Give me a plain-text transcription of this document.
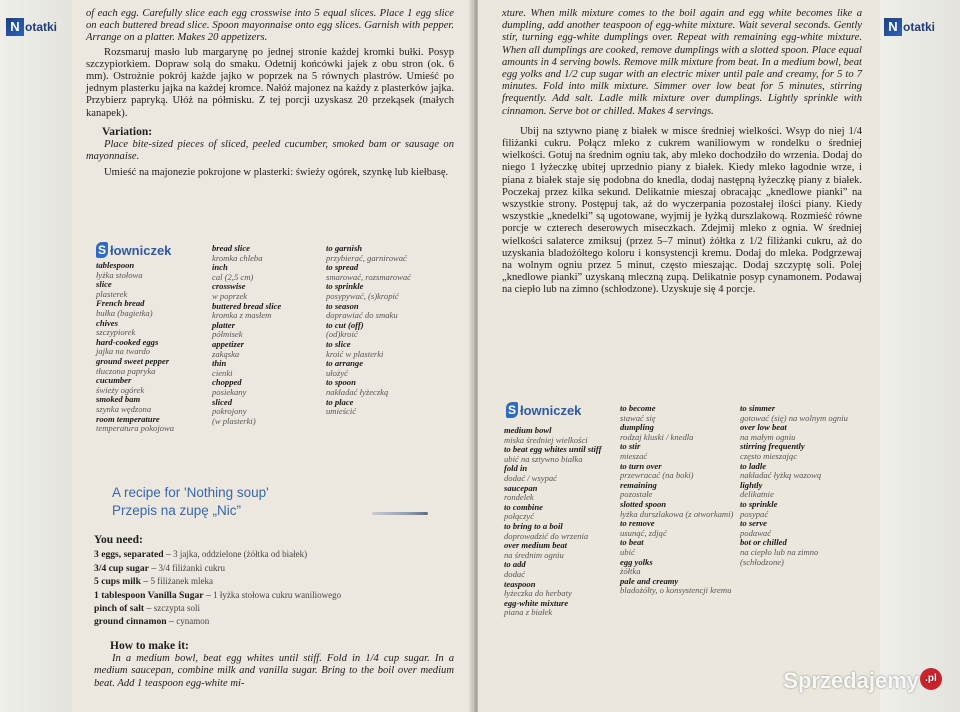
N otatki

of each egg. Carefully slice each egg crosswise into 5 equal slices. Place 1 egg slice on each buttered bread slice. Spoon mayonnaise onto egg slices. Garnish with pepper. Arrange on a platter. Makes 20 appetizers.

Rozsmaruj masło lub margarynę po jednej stronie każdej kromki bułki. Posyp szczypiorkiem. Dopraw solą do smaku. Odetnij końcówki jajek z obu stron (ok. 6 mm). Ostrożnie pokrój każde jajko w poprzek na 5 równych plastrów. Umieść po jednym plasterku jajka na każdej kromce. Nałóż majonez na każdy z plasterków jajka. Przybierz papryką. Ułóż na półmisku. Z tej porcji uzyskasz 20 przekąsek (małych kanapek).

Variation:

Place bite-sized pieces of sliced, peeled cucumber, smoked bam or sausage on mayonnaise.

Umieść na majonezie pokrojone w plasterki: świeży ogórek, szynkę lub kiełbasę.

S łowniczek
tablespoon
łyżka stołowa
slice
plasterek
French bread
bułka (bagietka)
chives
szczypiorek
hard-cooked eggs
jajka na twardo
ground sweet pepper
tłuczona papryka
cucumber
świeży ogórek
smoked bam
szynka wędzona
room temperature
temperatura pokojowa
bread slice
kromka chleba
inch
cal (2,5 cm)
crosswise
w poprzek
buttered bread slice
kromka z masłem
platter
półmisek
appetizer
zakąska
thin
cienki
chopped
posiekany
sliced
pokrojony
(w plasterki)
to garnish
przybierać, garnirować
to spread
smarować, rozsmarować
to sprinkle
posypywać, (s)kropić
to season
doprawiać do smaku
to cut (off)
(od)kroić
to slice
kroić w plasterki
to arrange
ułożyć
to spoon
nakładać łyżeczką
to place
umieścić
A recipe for 'Nothing soup'
Przepis na zupę „Nic”
You need:
3 eggs, separated – 3 jajka, oddzielone (żółtka od białek)
3/4 cup sugar – 3/4 filiżanki cukru
5 cups milk – 5 filiżanek mleka
1 tablespoon Vanilla Sugar – 1 łyżka stołowa cukru waniliowego
pinch of salt – szczypta soli
ground cinnamon – cynamon

How to make it:

In a medium bowl, beat egg whites until stiff. Fold in 1/4 cup sugar. In a medium saucepan, combine milk and vanilla sugar. Bring to the boil over medium beat. Add 1 teaspoon egg-white mi-

N otatki

xture. When milk mixture comes to the boil again and egg white becomes like a dumpling, add another teaspoon of egg-white mixture. Wait several seconds. Gently stir, turning egg-white dumplings over. Repeat with remaining egg-white mixture. When all dumplings are cooked, remove dumplings with a slotted spoon. Place equal amounts in 4 serving bowls. Remove milk mixture from beat. In a medium bowl, beat egg yolks and 1/2 cup sugar with an electric mixer until pale and creamy, for 5 to 7 minutes. Fold into milk mixture. Simmer over low beat for 5 minutes, stirring frequently. Add salt. Ladle milk mixture over dumplings. Lightly sprinkle with cinnamon. Serve bot or chilled. Makes 4 servings.

Ubij na sztywno pianę z białek w misce średniej wielkości. Wsyp do niej 1/4 filiżanki cukru. Połącz mleko z cukrem waniliowym w rondelku o średniej wielkości. Gotuj na średnim ogniu tak, aby mleko dochodziło do wrzenia. Dodaj do niego 1 łyżeczkę ubitej uprzednio piany z białek. Kiedy mleko łagodnie wrze, i piana z białek staje się podobna do knedla, dodaj następną łyżeczkę piany z białek. Poczekaj przez kilka sekund. Delikatnie mieszaj obracając „knedlowe pianki” na wszystkie strony. Postępuj tak, aż do wyczerpania pozostałej ilości piany. Kiedy wszystkie „knedelki” są ugotowane, wyjmij je łyżką durszlakową. Rozmieść równe porcje w czterech deserowych miseczkach. Zdejmij mleko z ognia. W średniej wielkości salaterce zmiksuj (przez 5–7 minut) żółtka z 1/2 filiżanki cukru, aż do uzyskania bladożółtego koloru i konsystencji kremu. Dodaj do mleka. Podgrzewaj na wolnym ogniu przez 5 minut, często mieszając. Dodaj szczyptę soli. Polej „knedlowe pianki” uzyskaną mleczną zupą. Delikatnie posyp cynamonem. Podawaj na ciepło lub na zimno (schłodzone). Uzyskuje się 4 porcje.

S łowniczek
medium bowl
miska średniej wielkości
to beat egg whites until stiff
ubić na sztywno białka
fold in
dodać / wsypać
saucepan
rondelek
to combine
połączyć
to bring to a boil
doprowadzić do wrzenia
over medium beat
na średnim ogniu
to add
dodać
teaspoon
łyżeczka do herbaty
egg-white mixture
piana z białek
to become
stawać się
dumpling
rodzaj kluski / knedla
to stir
mieszać
to turn over
przewracać (na boki)
remaining
pozostałe
slotted spoon
łyżka durszlakowa (z otworkami)
to remove
usunąć, zdjąć
to beat
ubić
egg yolks
żółtka
pale and creamy
bladożółty, o konsystencji kremu
to simmer
gotować (się) na wolnym ogniu
over low beat
na małym ogniu
stirring frequently
często mieszając
to ladle
nakładać łyżką wazową
lightly
delikatnie
to sprinkle
posypać
to serve
podawać
bot or chilled
na ciepło lub na zimno (schłodzone)
Sprzedajemy .pl
